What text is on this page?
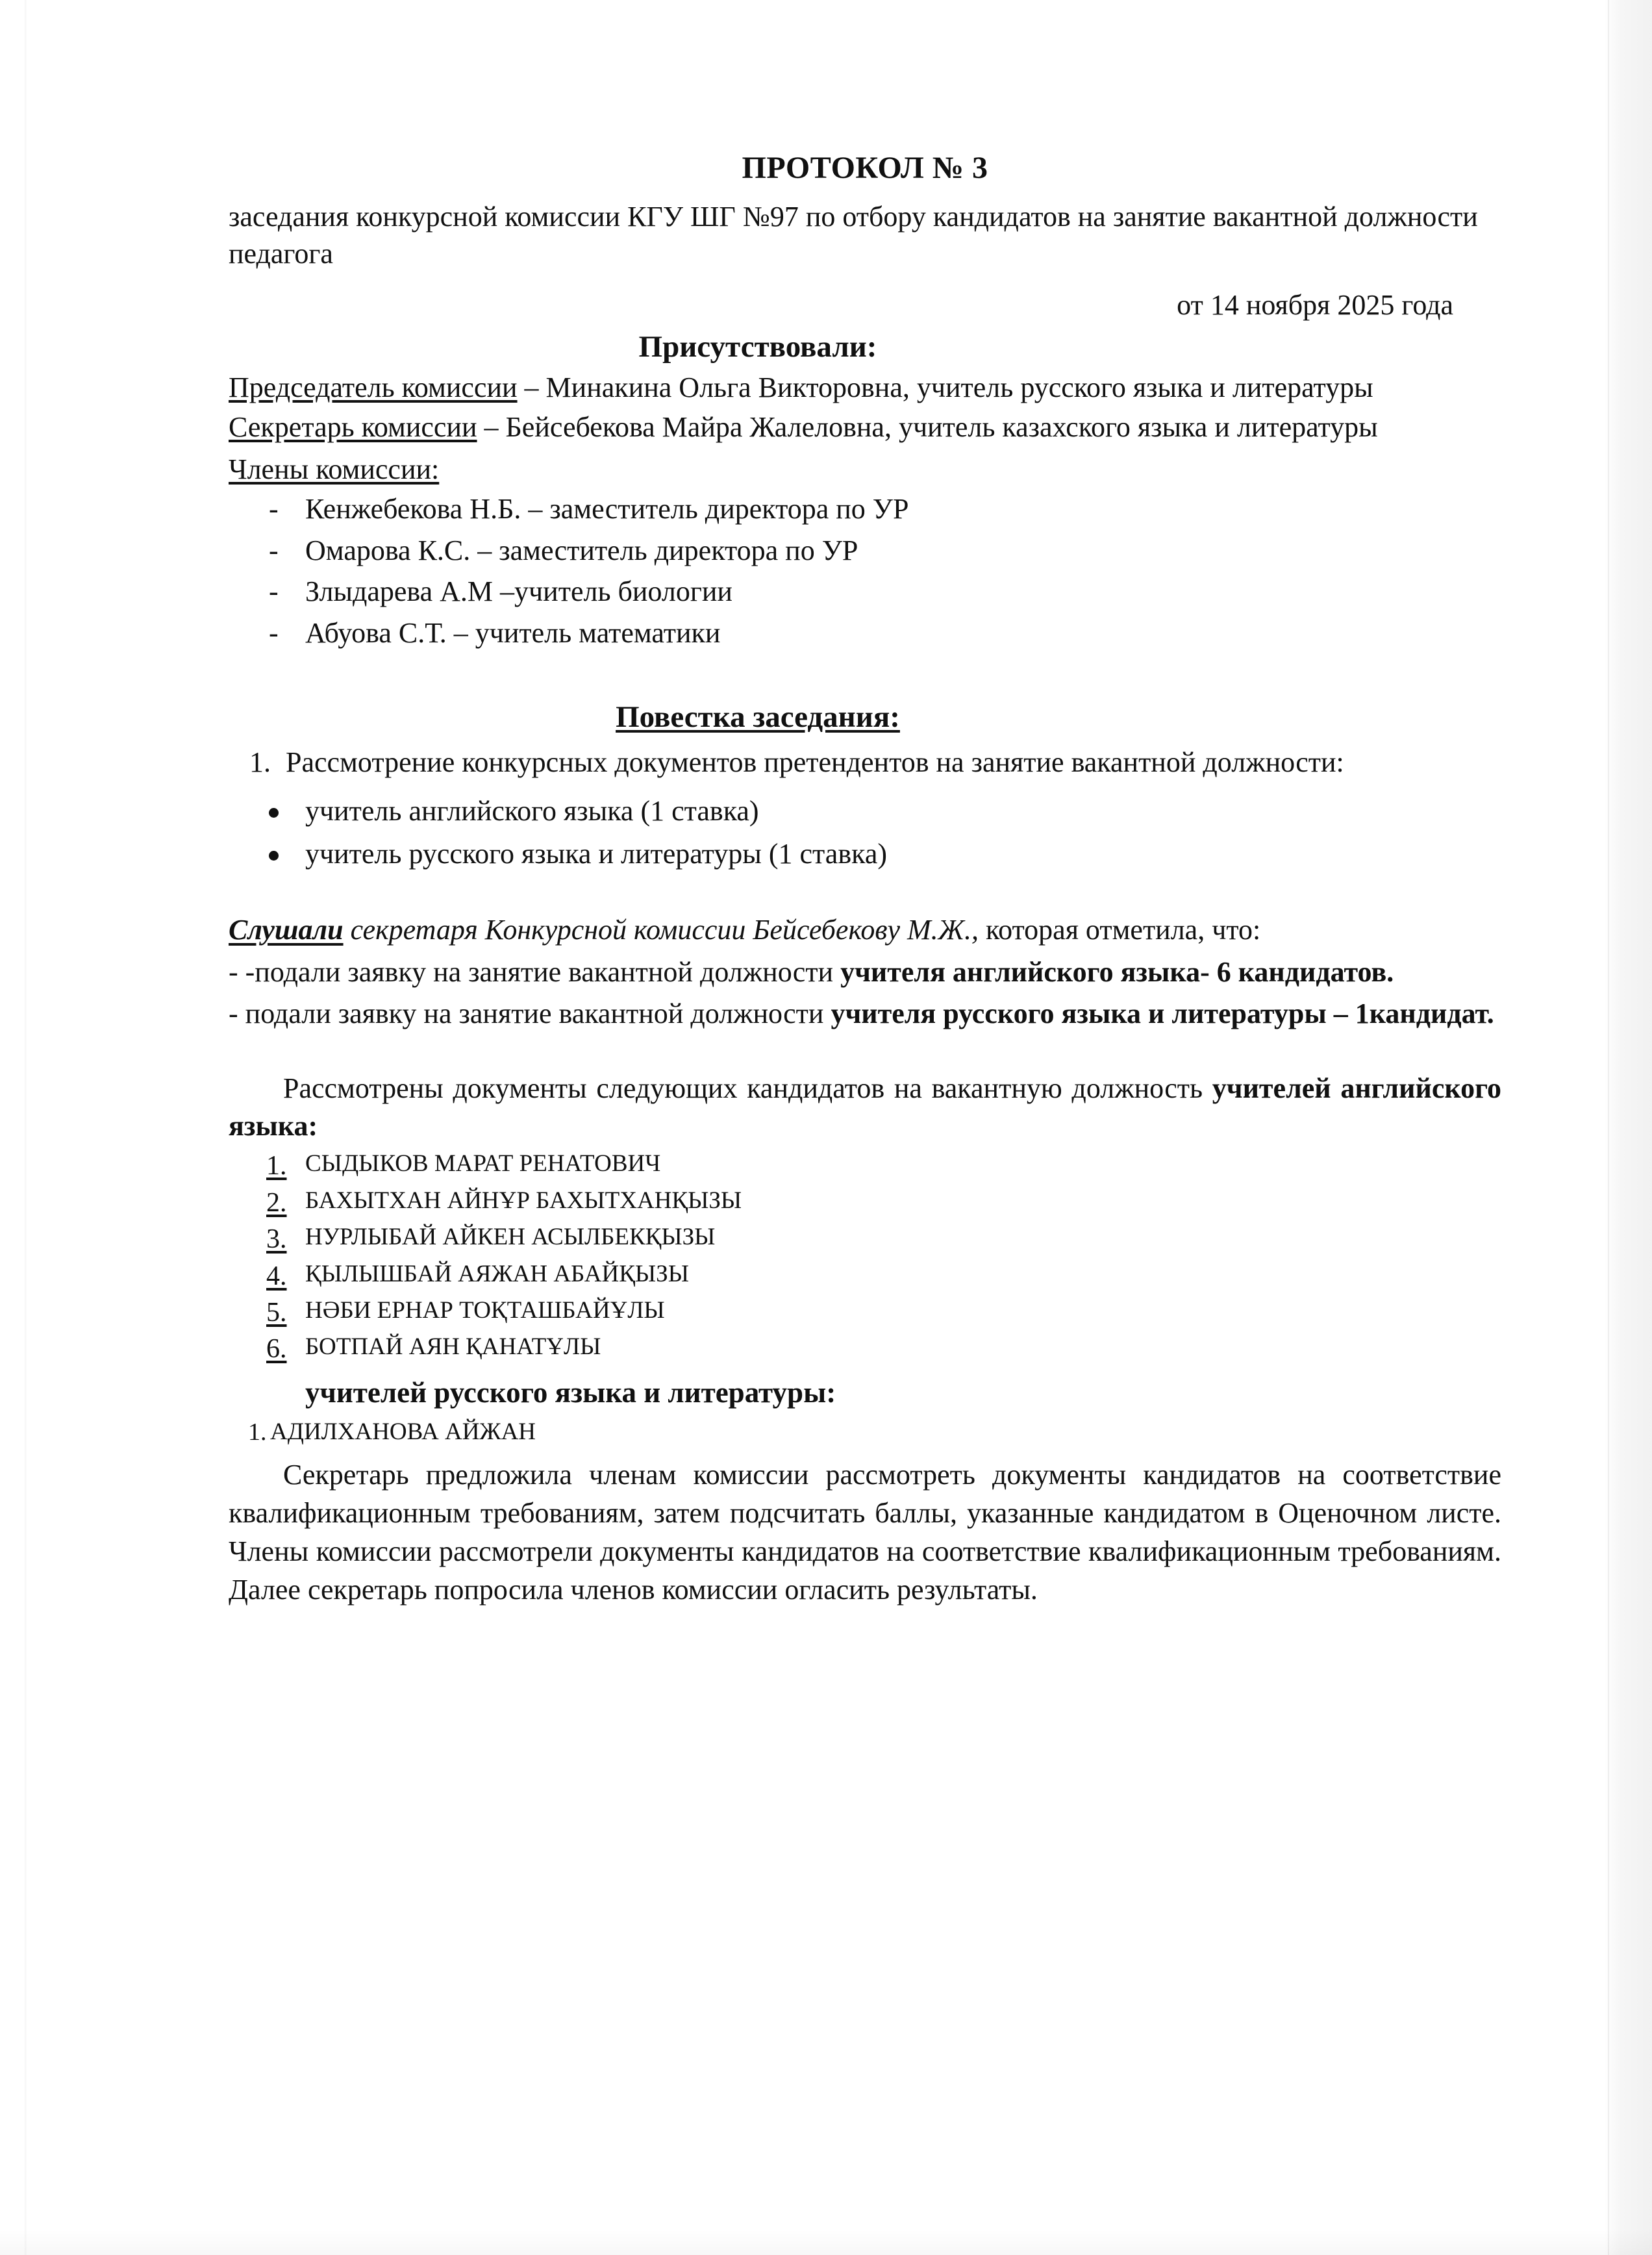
ПРОТОКОЛ № 3

заседания конкурсной комиссии КГУ ШГ №97 по отбору кандидатов на занятие вакантной должности педагога

от 14 ноября 2025 года

Присутствовали:

Председатель комиссии – Минакина Ольга Викторовна, учитель русского языка и литературы

Секретарь комиссии – Бейсебекова Майра Жалеловна, учитель казахского языка и литературы

Члены комиссии:

- Кенжебекова Н.Б. – заместитель директора по УР
- Омарова К.С. – заместитель директора по УР
- Злыдарева А.М –учитель биологии
- Абуова С.Т. – учитель математики

Повестка заседания:

Рассмотрение конкурсных документов претендентов на занятие вакантной должности:
учитель английского языка (1 ставка)
учитель русского языка и литературы (1 ставка)

Слушали секретаря Конкурсной комиссии Бейсебекову М.Ж., которая отметила, что:

- -подали заявку на занятие вакантной должности учителя английского языка- 6 кандидатов.

- подали заявку на занятие вакантной должности учителя русского языка и литературы – 1кандидат.

Рассмотрены документы следующих кандидатов на вакантную должность учителей английского языка:

СЫДЫКОВ МАРАТ РЕНАТОВИЧ
БАХЫТХАН АЙНҰР БАХЫТХАНҚЫЗЫ
НУРЛЫБАЙ АЙКЕН АСЫЛБЕКҚЫЗЫ
ҚЫЛЫШБАЙ АЯЖАН АБАЙҚЫЗЫ
НӘБИ ЕРНАР ТОҚТАШБАЙҰЛЫ
БОТПАЙ АЯН ҚАНАТҰЛЫ

учителей русского языка и литературы:

АДИЛХАНОВА АЙЖАН

Секретарь предложила членам комиссии рассмотреть документы кандидатов на соответствие квалификационным требованиям, затем подсчитать баллы, указанные кандидатом в Оценочном листе. Члены комиссии рассмотрели документы кандидатов на соответствие квалификационным требованиям. Далее секретарь попросила членов комиссии огласить результаты.
